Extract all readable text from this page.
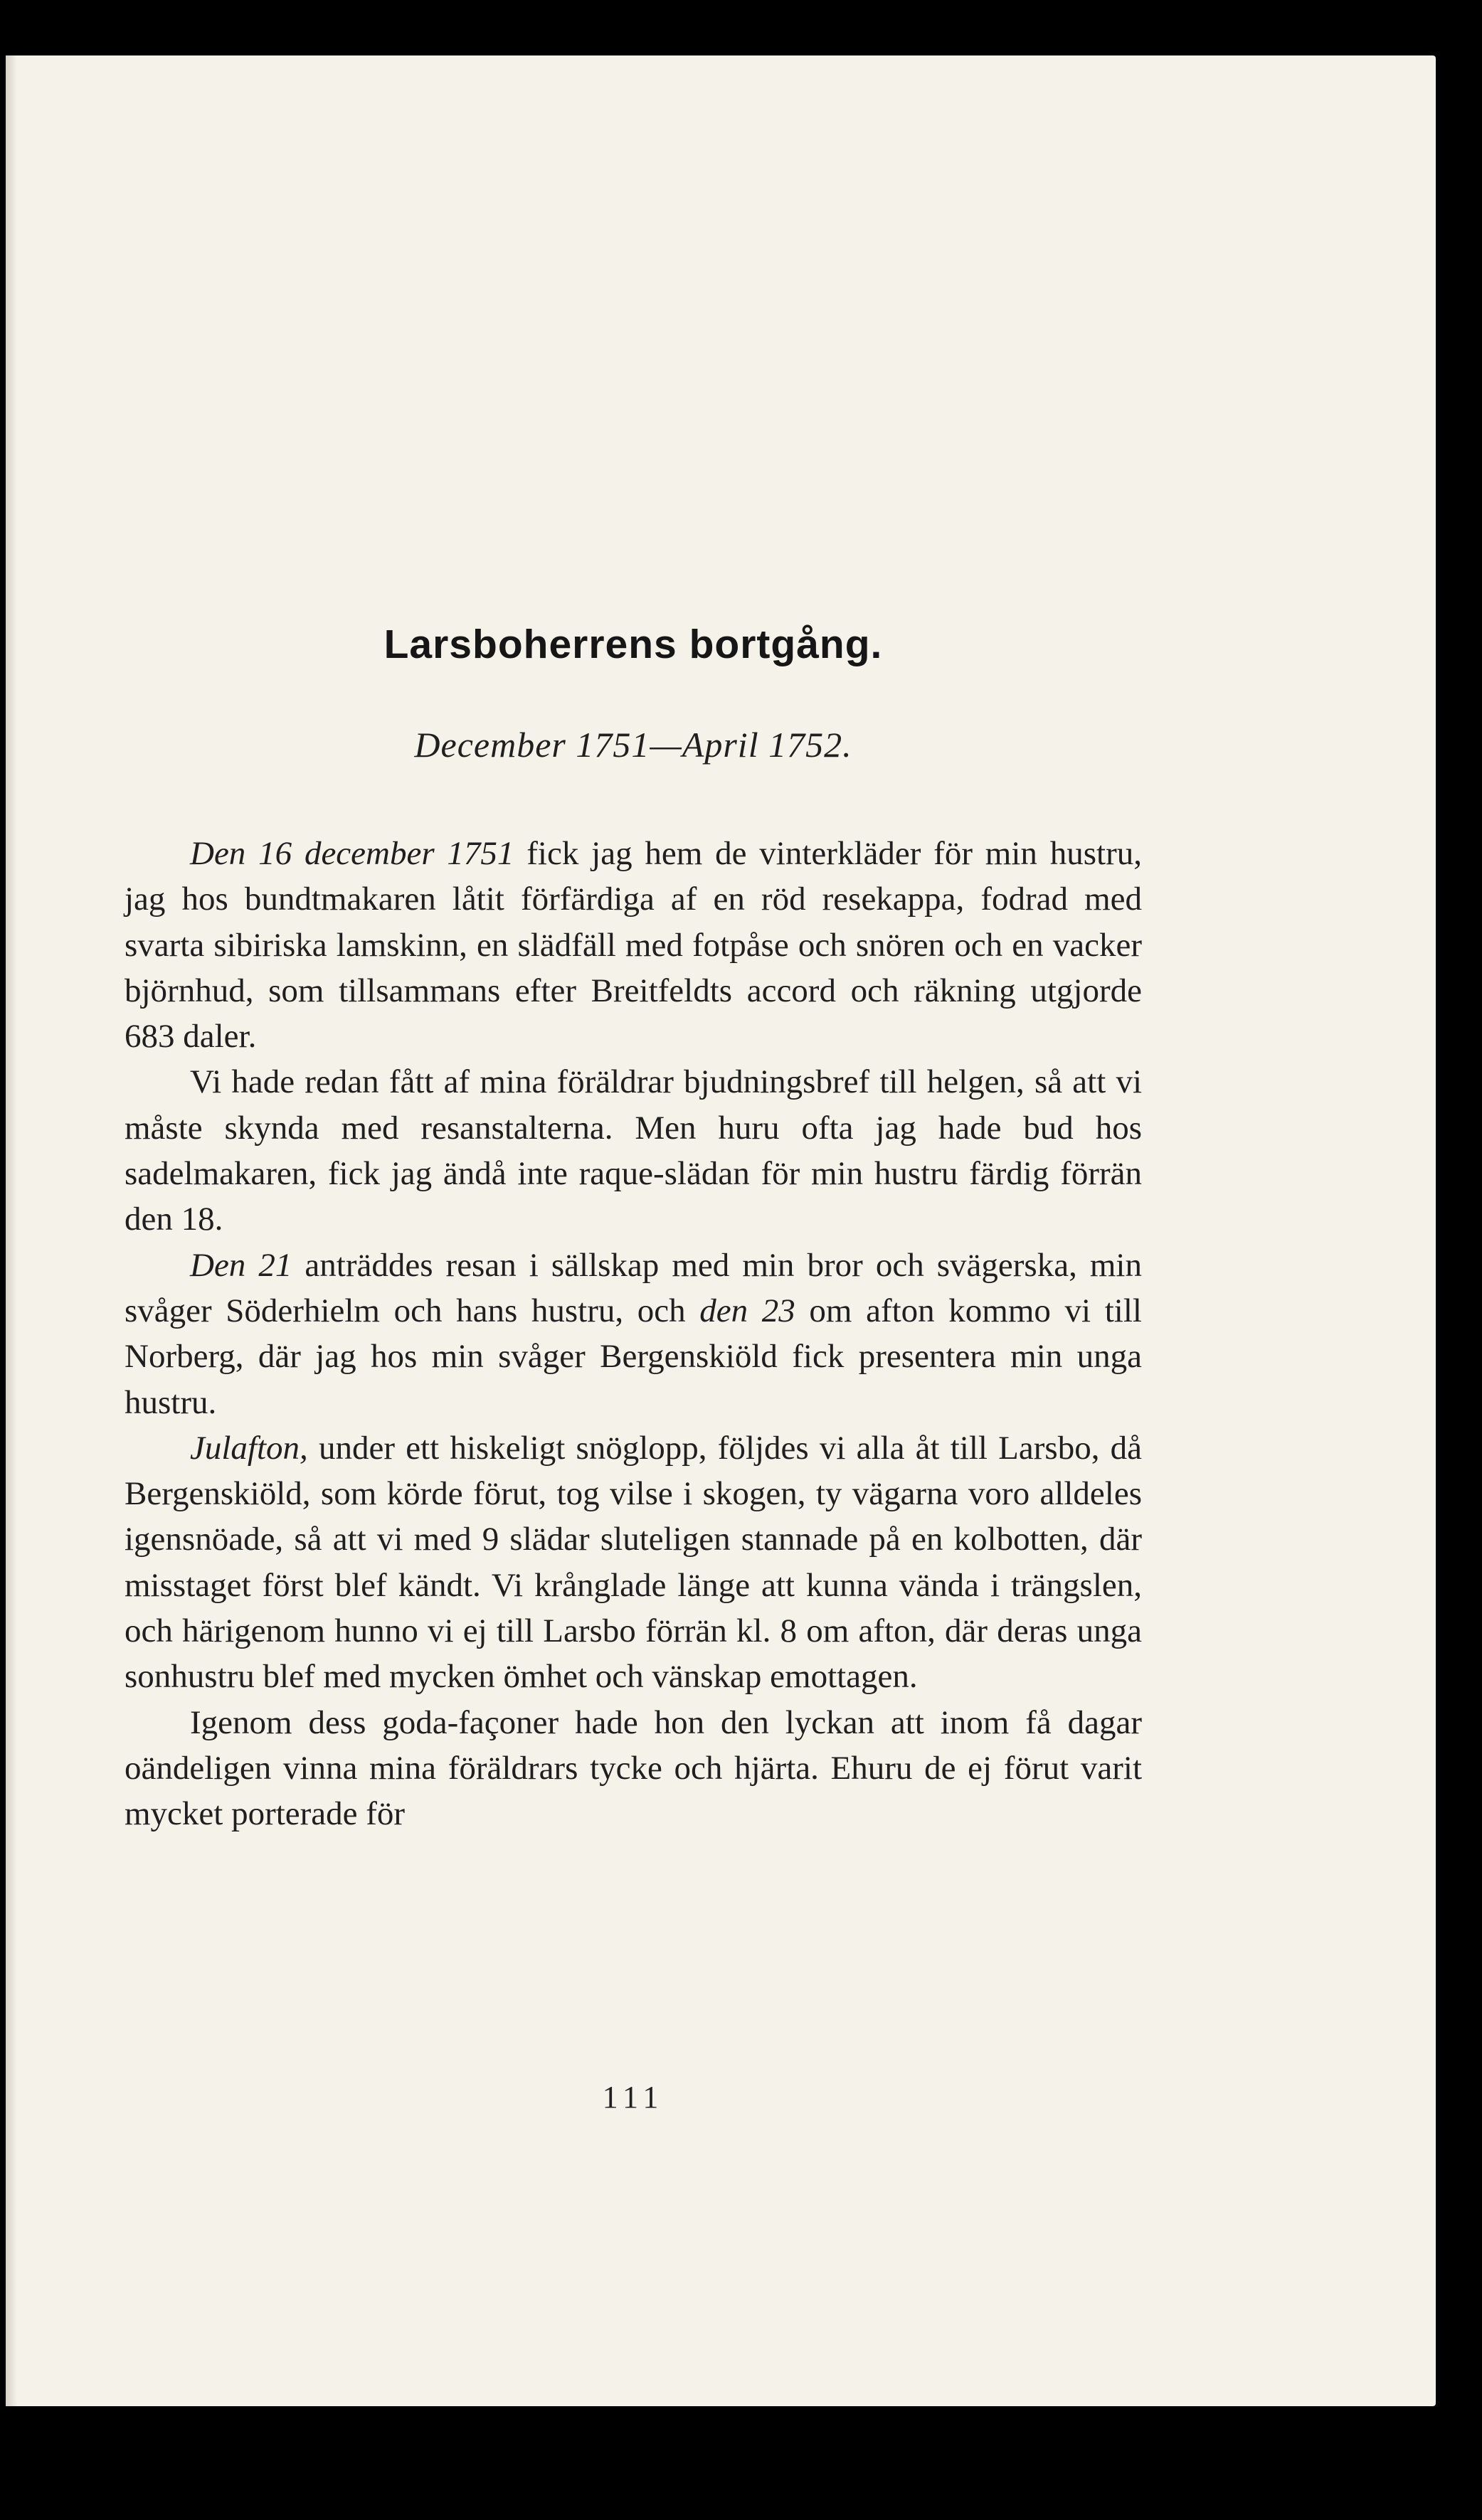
Larsboherrens bortgång.
December 1751—April 1752.

Den 16 december 1751 fick jag hem de vinterkläder för min hustru, jag hos bundtmakaren låtit förfärdiga af en röd resekappa, fodrad med svarta sibiriska lamskinn, en slädfäll med fotpåse och snören och en vacker björnhud, som tillsammans efter Breitfeldts accord och räkning utgjorde 683 daler.

Vi hade redan fått af mina föräldrar bjudningsbref till helgen, så att vi måste skynda med resanstalterna. Men huru ofta jag hade bud hos sadelmakaren, fick jag ändå inte raque-slädan för min hustru färdig förrän den 18.

Den 21 anträddes resan i sällskap med min bror och svägerska, min svåger Söderhielm och hans hustru, och den 23 om afton kommo vi till Norberg, där jag hos min svåger Bergenskiöld fick presentera min unga hustru.

Julafton, under ett hiskeligt snöglopp, följdes vi alla åt till Larsbo, då Bergenskiöld, som körde förut, tog vilse i skogen, ty vägarna voro alldeles igensnöade, så att vi med 9 slädar sluteligen stannade på en kolbotten, där misstaget först blef kändt. Vi krånglade länge att kunna vända i trängslen, och härigenom hunno vi ej till Larsbo förrän kl. 8 om afton, där deras unga sonhustru blef med mycken ömhet och vänskap emottagen.

Igenom dess goda-façoner hade hon den lyckan att inom få dagar oändeligen vinna mina föräldrars tycke och hjärta. Ehuru de ej förut varit mycket porterade för

111
